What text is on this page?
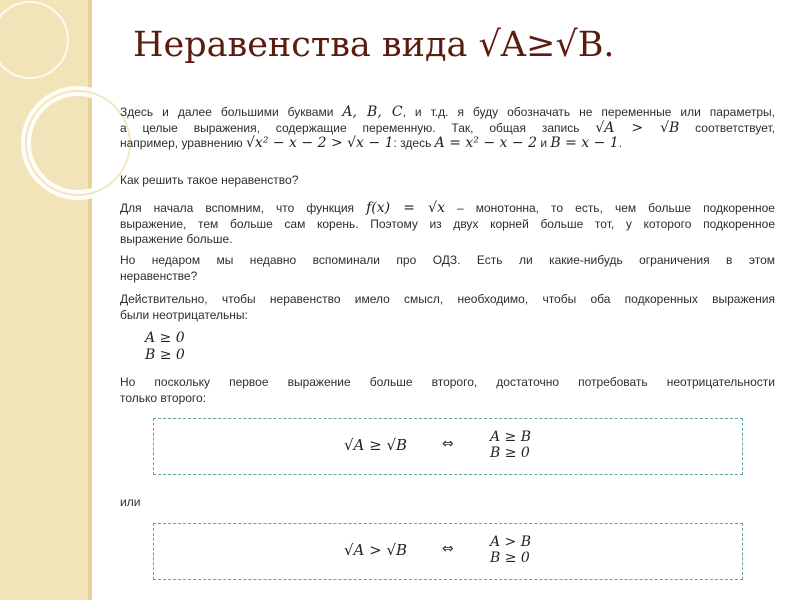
Неравенства вида √A≥√B.

Здесь и далее большими буквами A, B, C, и т.д. я буду обозначать не переменные или параметры,

а целые выражения, содержащие переменную. Так, общая запись √A > √B соответствует,

например, уравнению √x² − x − 2 > √x − 1: здесь A = x² − x − 2 и B = x − 1.

Как решить такое неравенство?

Для начала вспомним, что функция f(x) = √x – монотонна, то есть, чем больше подкоренное

выражение, тем больше сам корень. Поэтому из двух корней больше тот, у которого подкоренное

выражение больше.

Но недаром мы недавно вспоминали про ОДЗ. Есть ли какие-нибудь ограничения в этом

неравенстве?

Действительно, чтобы неравенство имело смысл, необходимо, чтобы оба подкоренных выражения

были неотрицательны:

A ≥ 0
B ≥ 0

Но поскольку первое выражение больше второго, достаточно потребовать неотрицательности

только второго:

√A ≥ √B ⇔	A ≥ B
B ≥ 0
или
√A > √B ⇔	A > B
B ≥ 0
